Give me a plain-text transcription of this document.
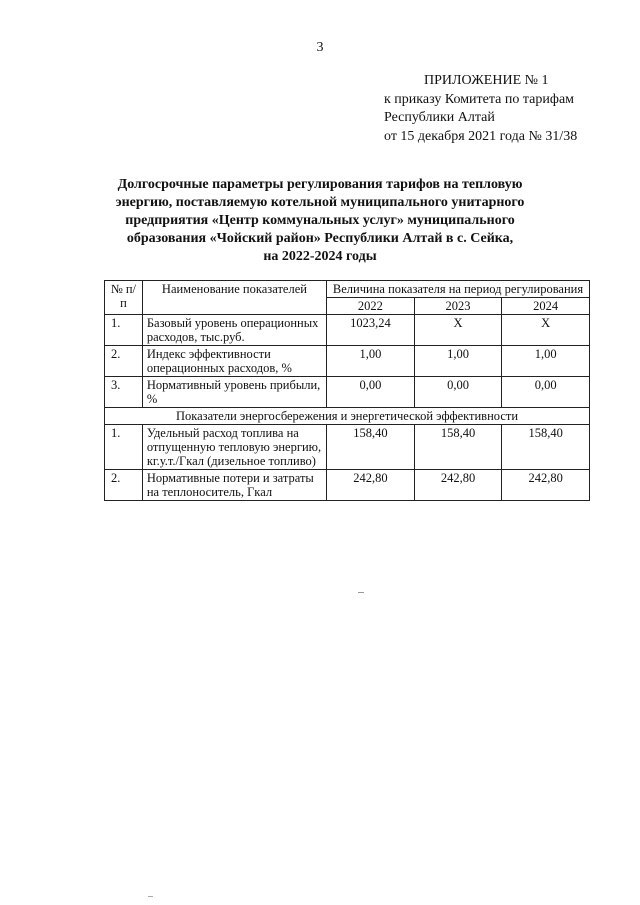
3
ПРИЛОЖЕНИЕ № 1
к приказу Комитета по тарифам
Республики Алтай
от 15 декабря 2021 года № 31/38
Долгосрочные параметры регулирования тарифов на тепловую
энергию, поставляемую котельной муниципального унитарного
предприятия «Центр коммунальных услуг» муниципального
образования «Чойский район» Республики Алтай в с. Сейка,
на 2022-2024 годы
№ п/п	Наименование показателей	Величина показателя на период регулирования		
		2022	2023	2024
1.	Базовый уровень операционных расходов, тыс.руб.	1023,24	X	X
2.	Индекс эффективности операционных расходов, %	1,00	1,00	1,00
3.	Нормативный уровень прибыли, %	0,00	0,00	0,00
Показатели энергосбережения и энергетической эффективности				
1.	Удельный расход топлива на отпущенную тепловую энергию, кг.у.т./Гкал (дизельное топливо)	158,40	158,40	158,40
2.	Нормативные потери и затраты на теплоноситель, Гкал	242,80	242,80	242,80
